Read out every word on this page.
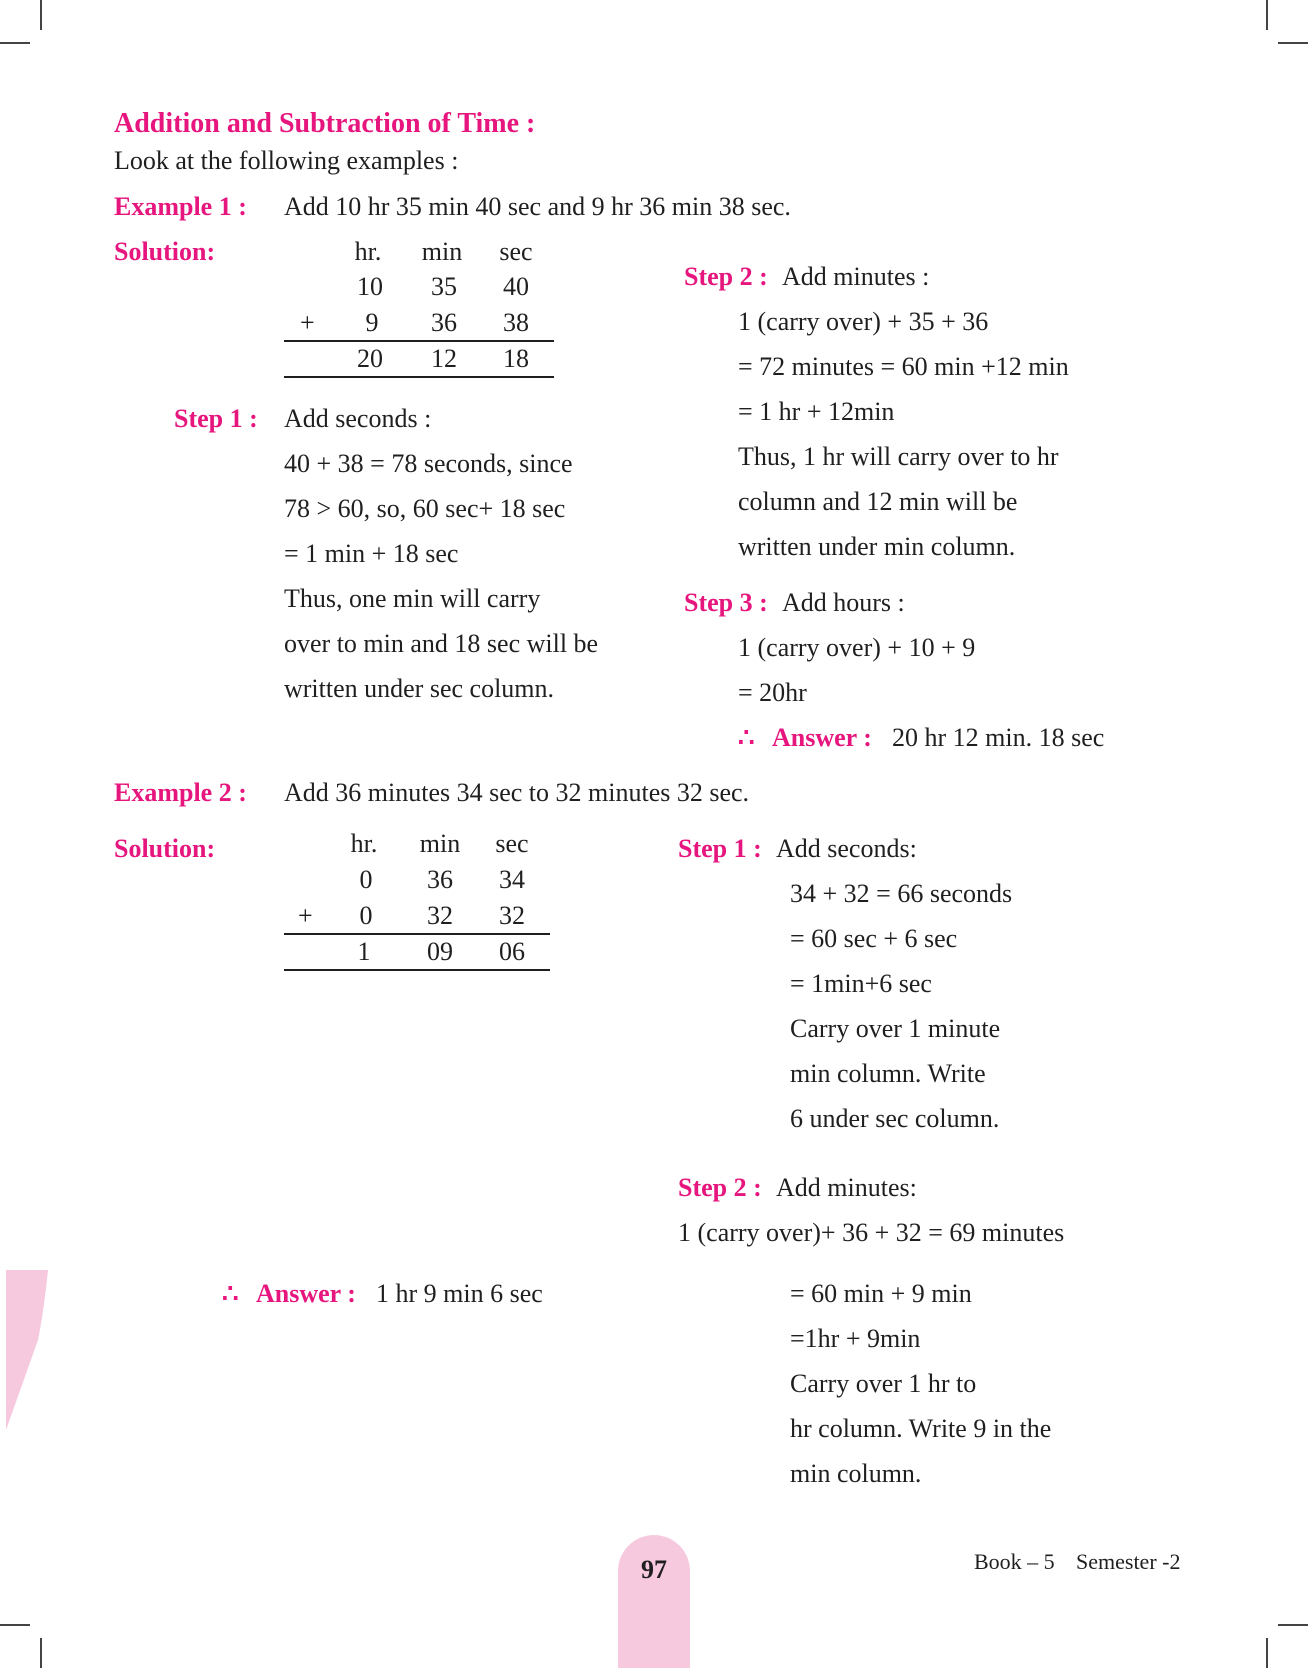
Addition and Subtraction of Time :
Look at the following examples :
Example 1 : Add 10 hr 35 min 40 sec and 9 hr 36 min 38 sec.
Solution:	hr.	min	sec
10	35	40
+	9	36	38
20	12	18
Step 1 : Add seconds :
40 + 38 = 78 seconds, since
78 > 60, so, 60 sec+ 18 sec
= 1 min + 18 sec
Thus, one min will carry
over to min and 18 sec will be
written under sec column.
Step 2 : Add minutes :
1 (carry over) + 35 + 36
= 72 minutes = 60 min +12 min
= 1 hr + 12min
Thus, 1 hr will carry over to hr
column and 12 min will be
written under min column.
Step 3 : Add hours :
1 (carry over) + 10 + 9
= 20hr
∴ Answer : 20 hr 12 min. 18 sec
Example 2 : Add 36 minutes 34 sec to 32 minutes 32 sec.
Solution:	hr.	min	sec
0	36	34
+	0	32	32
1	09	06
Step 1 : Add seconds:
34 + 32 = 66 seconds
= 60 sec + 6 sec
= 1min+6 sec
Carry over 1 minute
min column. Write
6 under sec column.
Step 2 : Add minutes:
1 (carry over)+ 36 + 32 = 69 minutes
= 60 min + 9 min
=1hr + 9min
Carry over 1 hr to
hr column. Write 9 in the
min column.
∴ Answer : 1 hr 9 min 6 sec
97	Book – 5 Semester -2
